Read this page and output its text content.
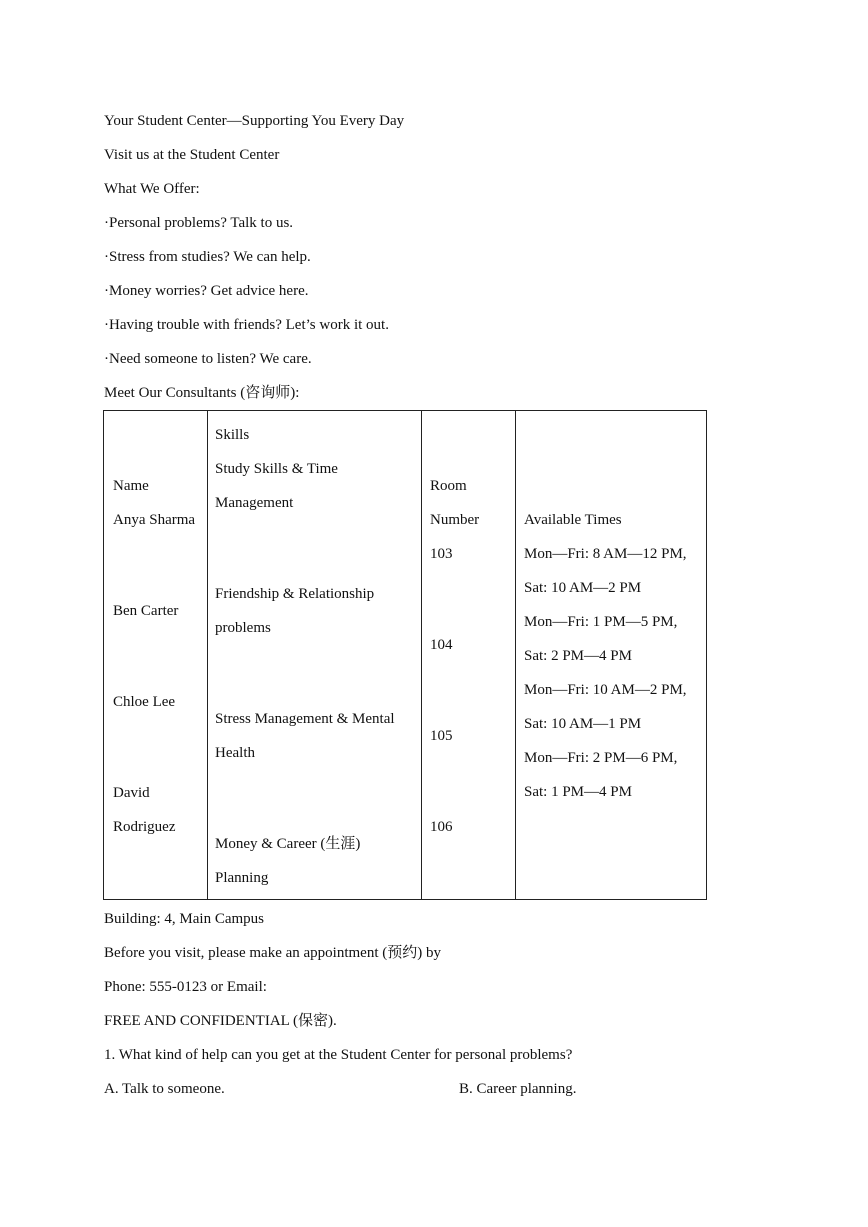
Your Student Center—Supporting You Every Day
Visit us at the Student Center
What We Offer:
·Personal problems? Talk to us.
·Stress from studies? We can help.
·Money worries? Get advice here.
·Having trouble with friends? Let’s work it out.
·Need someone to listen? We care.
Meet Our Consultants (咨询师):
Name
Anya Sharma
Ben Carter
Chloe Lee
David
Rodriguez
Skills
Study Skills & Time
Management
Friendship & Relationship
problems
Stress Management & Mental
Health
Money & Career (生涯)
Planning
Room
Number
103
104
105
106
Available Times
Mon—Fri: 8 AM—12 PM,
Sat: 10 AM—2 PM
Mon—Fri: 1 PM—5 PM,
Sat: 2 PM—4 PM
Mon—Fri: 10 AM—2 PM,
Sat: 10 AM—1 PM
Mon—Fri: 2 PM—6 PM,
Sat: 1 PM—4 PM
Building: 4, Main Campus
Before you visit, please make an appointment (预约) by
Phone: 555-0123 or Email:
FREE AND CONFIDENTIAL (保密).
1. What kind of help can you get at the Student Center for personal problems?
A. Talk to someone.	B. Career planning.
